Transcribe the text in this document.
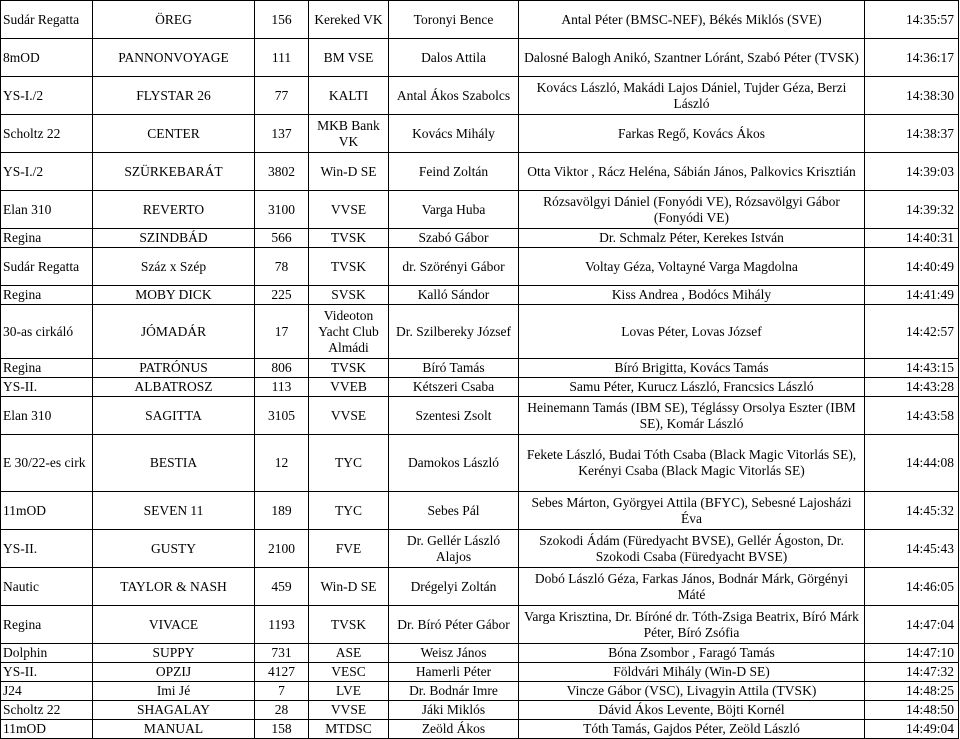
Sudár Regatta	ÖREG	156	Kereked VK	Toronyi Bence	Antal Péter (BMSC-NEF), Békés Miklós (SVE)	14:35:57
8mOD	PANNONVOYAGE	111	BM VSE	Dalos Attila	Dalosné Balogh Anikó, Szantner Lóránt, Szabó Péter (TVSK)	14:36:17
YS-I./2	FLYSTAR 26	77	KALTI	Antal Ákos Szabolcs	Kovács László, Makádi Lajos Dániel, Tujder Géza, Berzi László	14:38:30
Scholtz 22	CENTER	137	MKB Bank VK	Kovács Mihály	Farkas Regő, Kovács Ákos	14:38:37
YS-I./2	SZÜRKEBARÁT	3802	Win-D SE	Feind Zoltán	Otta Viktor , Rácz Heléna, Sábián János, Palkovics Krisztián	14:39:03
Elan 310	REVERTO	3100	VVSE	Varga Huba	Rózsavölgyi Dániel (Fonyódi VE), Rózsavölgyi Gábor (Fonyódi VE)	14:39:32
Regina	SZINDBÁD	566	TVSK	Szabó Gábor	Dr. Schmalz Péter, Kerekes István	14:40:31
Sudár Regatta	Száz x Szép	78	TVSK	dr. Szörényi Gábor	Voltay Géza, Voltayné Varga Magdolna	14:40:49
Regina	MOBY DICK	225	SVSK	Kalló Sándor	Kiss Andrea , Bodócs Mihály	14:41:49
30-as cirkáló	JÓMADÁR	17	Videoton Yacht Club Almádi	Dr. Szilbereky József	Lovas Péter, Lovas József	14:42:57
Regina	PATRÓNUS	806	TVSK	Bíró Tamás	Bíró Brigitta, Kovács Tamás	14:43:15
YS-II.	ALBATROSZ	113	VVEB	Kétszeri Csaba	Samu Péter, Kurucz László, Francsics László	14:43:28
Elan 310	SAGITTA	3105	VVSE	Szentesi Zsolt	Heinemann Tamás (IBM SE), Téglássy Orsolya Eszter (IBM SE), Komár László	14:43:58
E 30/22-es cirk	BESTIA	12	TYC	Damokos László	Fekete László, Budai Tóth Csaba (Black Magic Vitorlás SE), Kerényi Csaba (Black Magic Vitorlás SE)	14:44:08
11mOD	SEVEN 11	189	TYC	Sebes Pál	Sebes Márton, Györgyei Attila (BFYC), Sebesné Lajosházi Éva	14:45:32
YS-II.	GUSTY	2100	FVE	Dr. Gellér László Alajos	Szokodi Ádám (Füredyacht BVSE), Gellér Ágoston, Dr. Szokodi Csaba (Füredyacht BVSE)	14:45:43
Nautic	TAYLOR & NASH	459	Win-D SE	Drégelyi Zoltán	Dobó László Géza, Farkas János, Bodnár Márk, Görgényi Máté	14:46:05
Regina	VIVACE	1193	TVSK	Dr. Bíró Péter Gábor	Varga Krisztina, Dr. Bíróné dr. Tóth-Zsiga Beatrix, Bíró Márk Péter, Bíró Zsófia	14:47:04
Dolphin	SUPPY	731	ASE	Weisz János	Bóna Zsombor , Faragó Tamás	14:47:10
YS-II.	OPZIJ	4127	VESC	Hamerli Péter	Földvári Mihály (Win-D SE)	14:47:32
J24	Imi Jé	7	LVE	Dr. Bodnár Imre	Vincze Gábor (VSC), Livagyin Attila (TVSK)	14:48:25
Scholtz 22	SHAGALAY	28	VVSE	Jáki Miklós	Dávid Ákos Levente, Böjti Kornél	14:48:50
11mOD	MANUAL	158	MTDSC	Zeöld Ákos	Tóth Tamás, Gajdos Péter, Zeöld László	14:49:04
